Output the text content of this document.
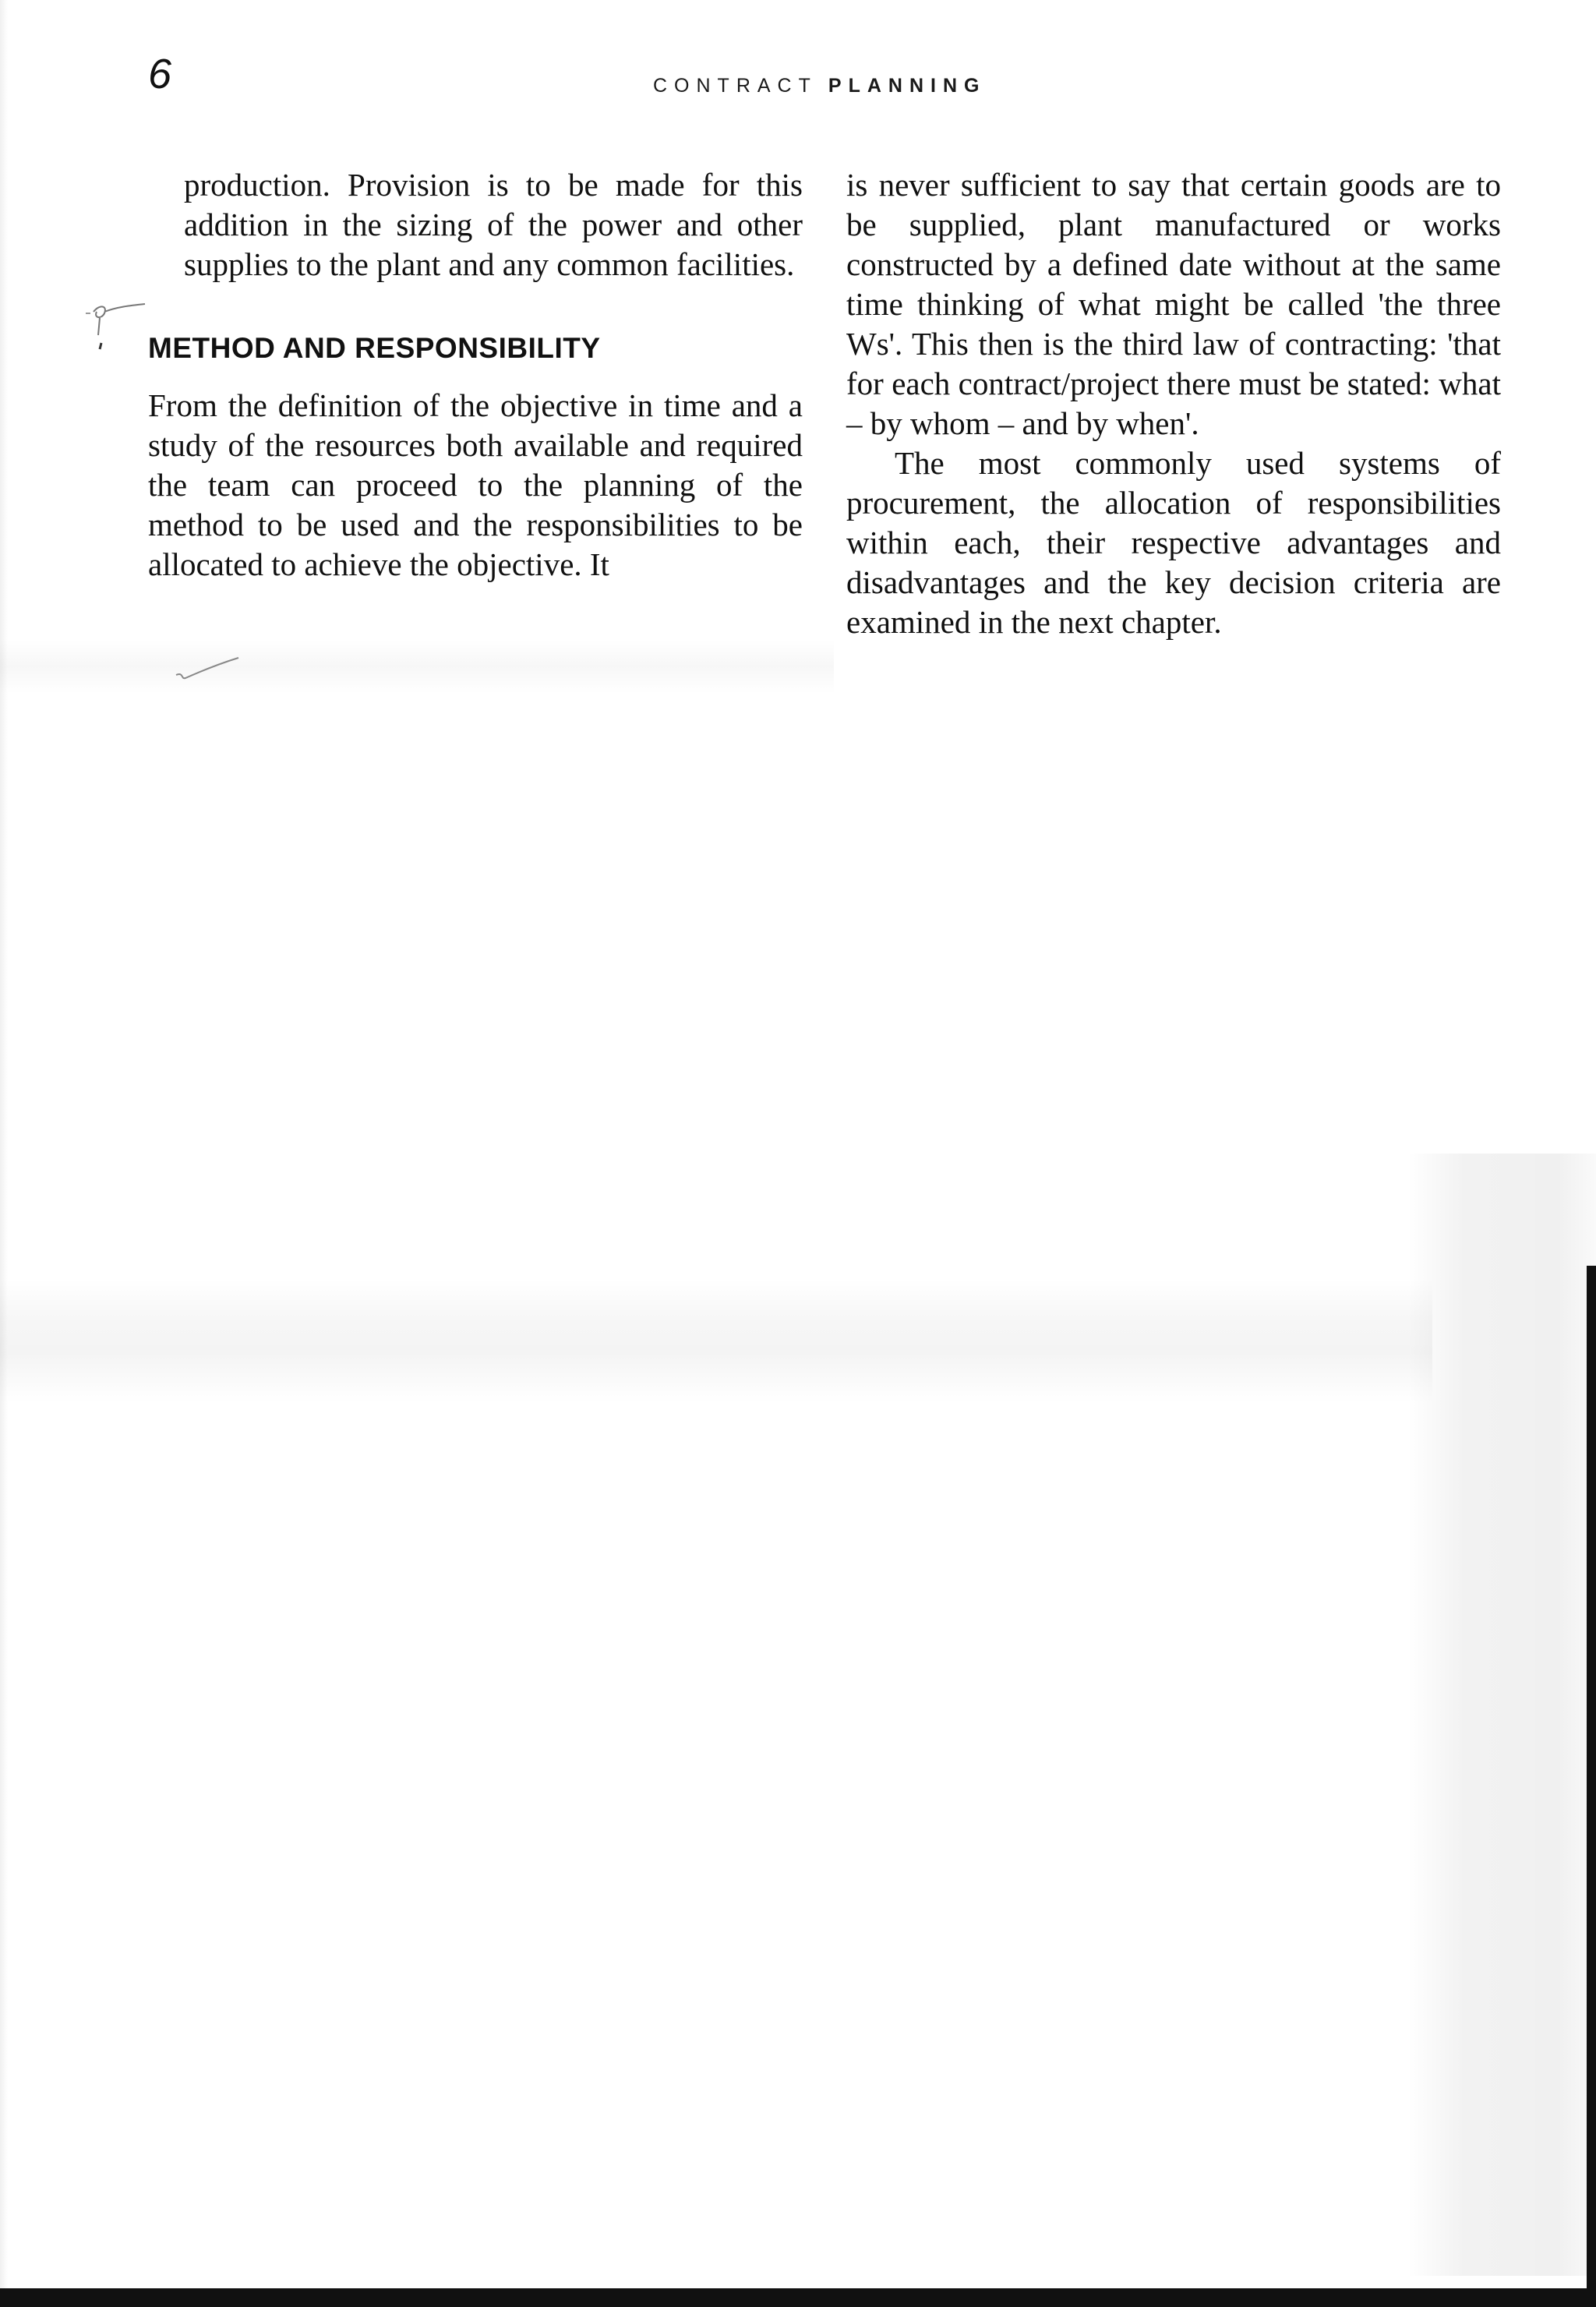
6	CONTRACT PLANNING

production. Provision is to be made for this addition in the sizing of the power and other supplies to the plant and any common facilities.

METHOD AND RESPONSIBILITY

From the definition of the objective in time and a study of the resources both available and required the team can proceed to the planning of the method to be used and the responsibilities to be allocated to achieve the objective. It

is never sufficient to say that certain goods are to be supplied, plant manufactured or works constructed by a defined date without at the same time thinking of what might be called 'the three Ws'. This then is the third law of contracting: 'that for each contract/project there must be stated: what – by whom – and by when'.

The most commonly used systems of procurement, the allocation of responsibilities within each, their respective advantages and disadvantages and the key decision criteria are examined in the next chapter.
